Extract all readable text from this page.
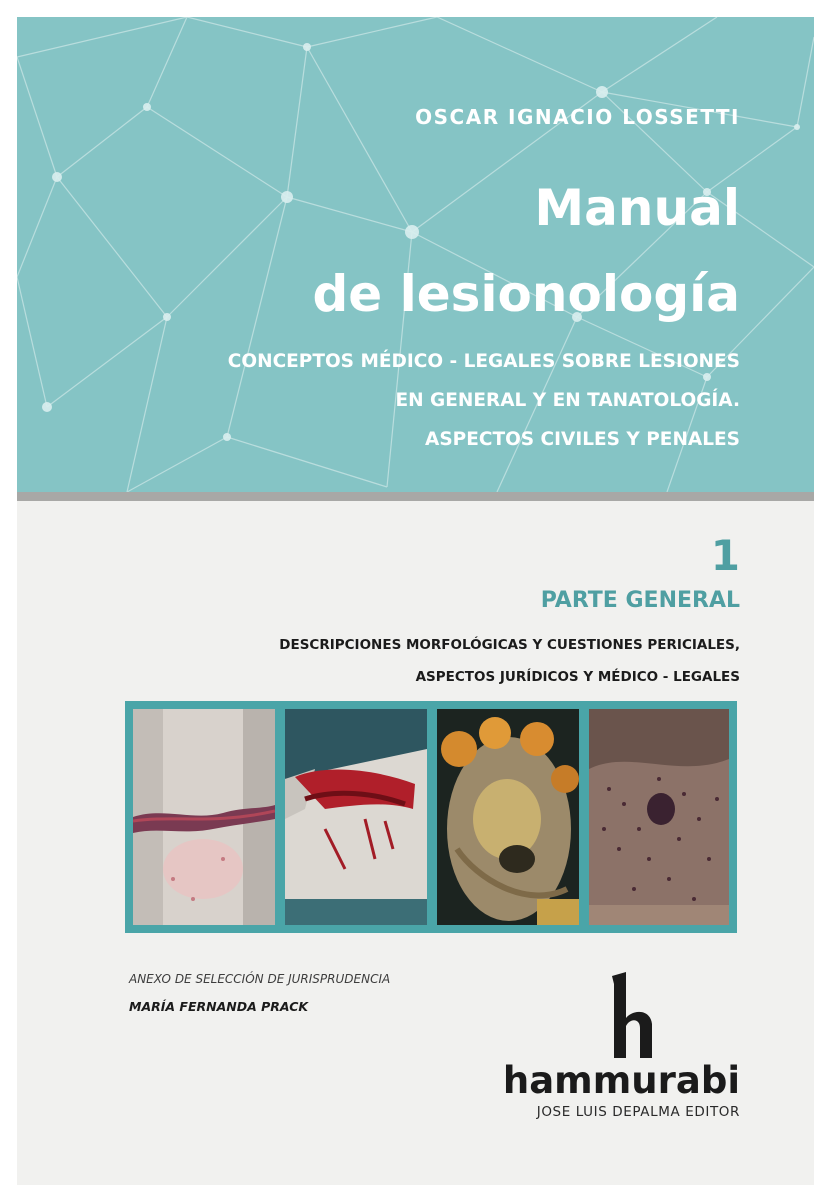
OSCAR IGNACIO LOSSETTI
Manual
de lesionología
CONCEPTOS MÉDICO - LEGALES SOBRE LESIONES
EN GENERAL Y EN TANATOLOGÍA.
ASPECTOS CIVILES Y PENALES
1
PARTE GENERAL
DESCRIPCIONES MORFOLÓGICAS Y CUESTIONES PERICIALES,
ASPECTOS JURÍDICOS Y MÉDICO - LEGALES
ANEXO DE SELECCIÓN DE JURISPRUDENCIA
MARÍA FERNANDA PRACK
hammurabi
JOSE LUIS DEPALMA EDITOR
